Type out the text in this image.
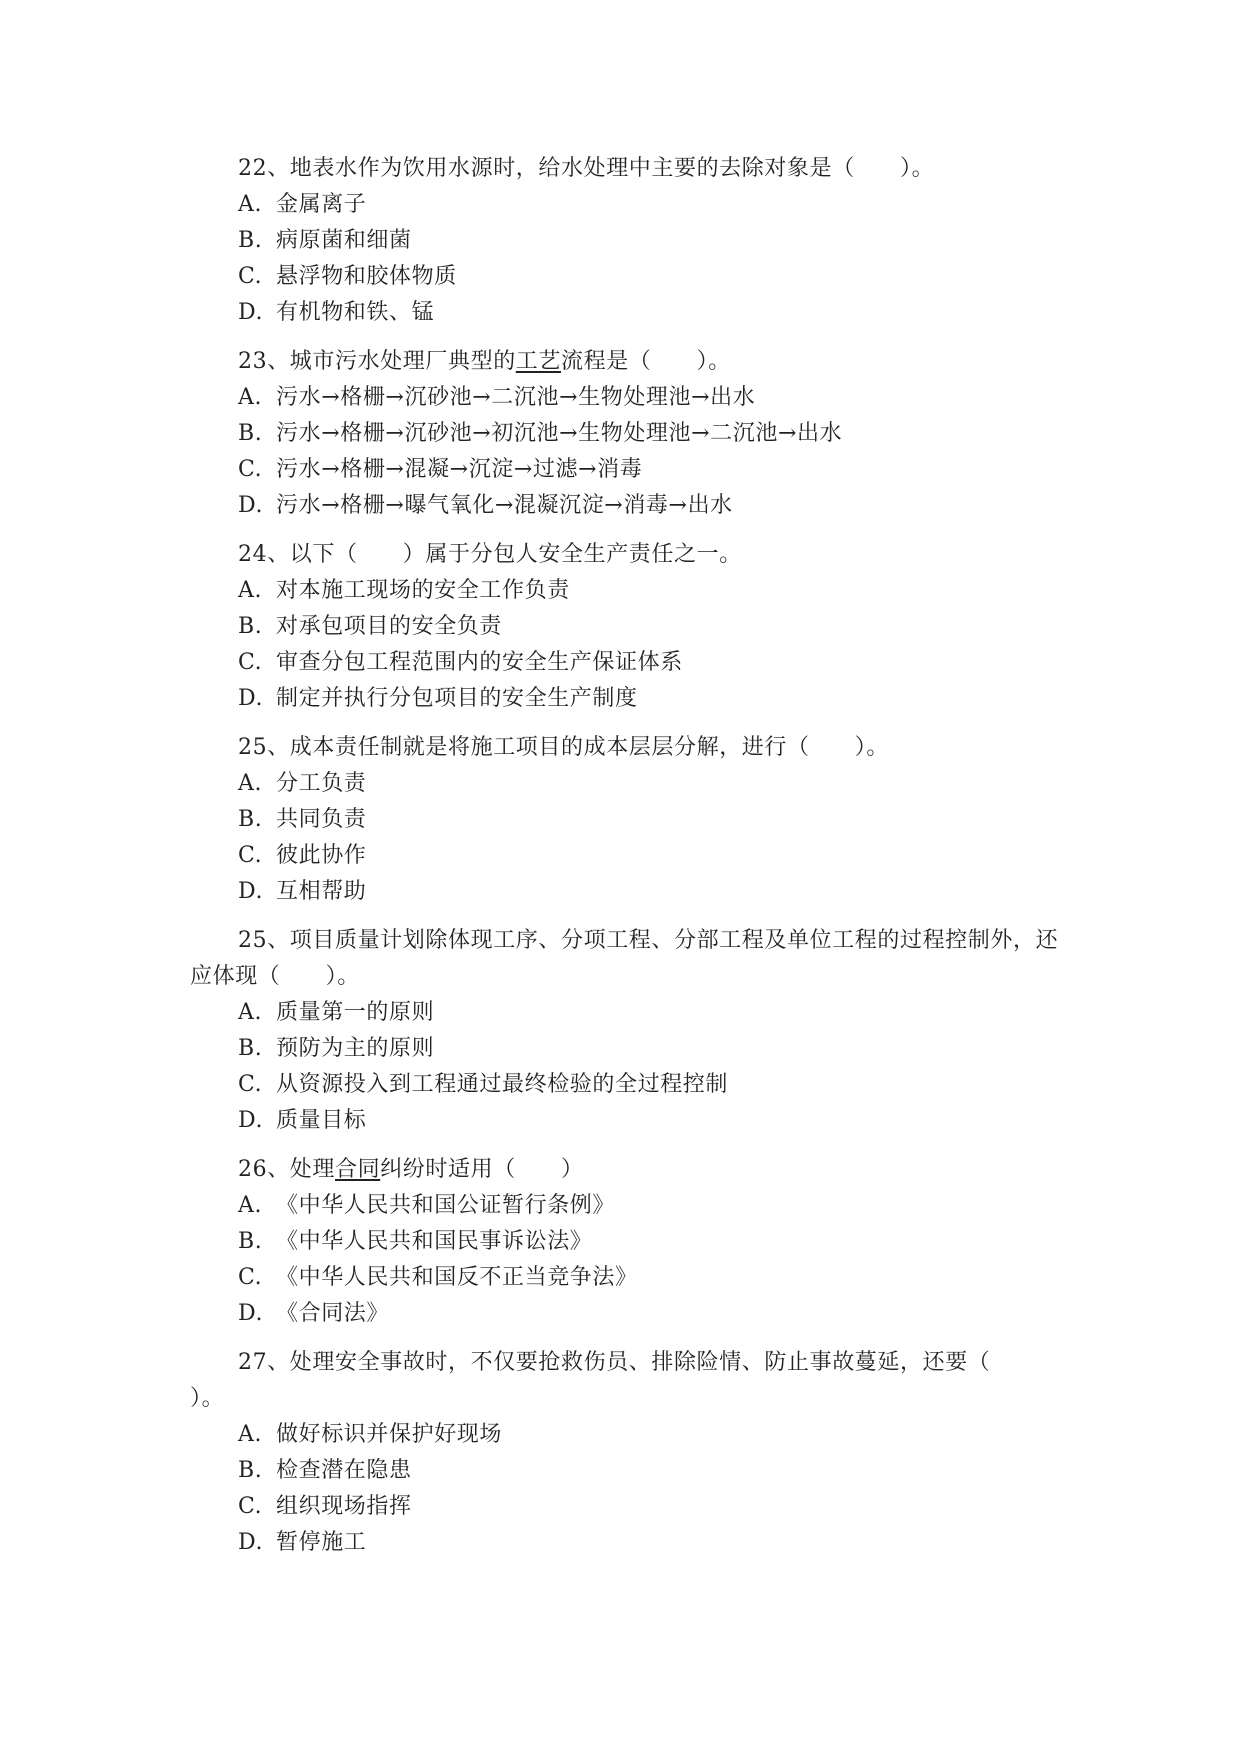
22、地表水作为饮用水源时，给水处理中主要的去除对象是（　　）。

A. 金属离子

B. 病原菌和细菌

C. 悬浮物和胶体物质

D. 有机物和铁、锰

23、城市污水处理厂典型的工艺流程是（　　）。

A. 污水→格栅→沉砂池→二沉池→生物处理池→出水

B. 污水→格栅→沉砂池→初沉池→生物处理池→二沉池→出水

C. 污水→格栅→混凝→沉淀→过滤→消毒

D. 污水→格栅→曝气氧化→混凝沉淀→消毒→出水

24、以下（　　）属于分包人安全生产责任之一。

A. 对本施工现场的安全工作负责

B. 对承包项目的安全负责

C. 审查分包工程范围内的安全生产保证体系

D. 制定并执行分包项目的安全生产制度

25、成本责任制就是将施工项目的成本层层分解，进行（　　）。

A. 分工负责

B. 共同负责

C. 彼此协作

D. 互相帮助

25、项目质量计划除体现工序、分项工程、分部工程及单位工程的过程控制外，还应体现（　　）。

A. 质量第一的原则

B. 预防为主的原则

C. 从资源投入到工程通过最终检验的全过程控制

D. 质量目标

26、处理合同纠纷时适用（　　）

A. 《中华人民共和国公证暂行条例》

B. 《中华人民共和国民事诉讼法》

C. 《中华人民共和国反不正当竞争法》

D. 《合同法》

27、处理安全事故时，不仅要抢救伤员、排除险情、防止事故蔓延，还要（　　）。

A. 做好标识并保护好现场

B. 检查潜在隐患

C. 组织现场指挥

D. 暂停施工
